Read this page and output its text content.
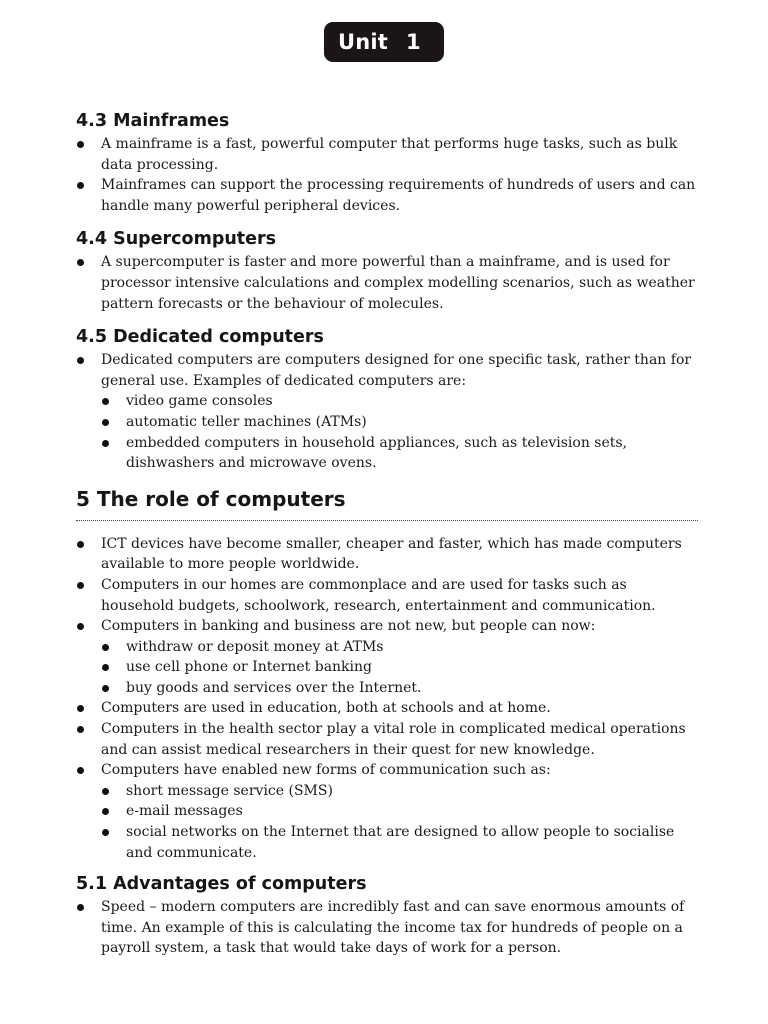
Unit 1
4.3 Mainframes
A mainframe is a fast, powerful computer that performs huge tasks, such as bulk data processing.
Mainframes can support the processing requirements of hundreds of users and can handle many powerful peripheral devices.
4.4 Supercomputers
A supercomputer is faster and more powerful than a mainframe, and is used for processor intensive calculations and complex modelling scenarios, such as weather pattern forecasts or the behaviour of molecules.
4.5 Dedicated computers
Dedicated computers are computers designed for one specific task, rather than for general use. Examples of dedicated computers are:
video game consoles
automatic teller machines (ATMs)
embedded computers in household appliances, such as television sets, dishwashers and microwave ovens.
5 The role of computers
ICT devices have become smaller, cheaper and faster, which has made computers available to more people worldwide.
Computers in our homes are commonplace and are used for tasks such as household budgets, schoolwork, research, entertainment and communication.
Computers in banking and business are not new, but people can now:
withdraw or deposit money at ATMs
use cell phone or Internet banking
buy goods and services over the Internet.
Computers are used in education, both at schools and at home.
Computers in the health sector play a vital role in complicated medical operations and can assist medical researchers in their quest for new knowledge.
Computers have enabled new forms of communication such as:
short message service (SMS)
e-mail messages
social networks on the Internet that are designed to allow people to socialise and communicate.
5.1 Advantages of computers
Speed – modern computers are incredibly fast and can save enormous amounts of time. An example of this is calculating the income tax for hundreds of people on a payroll system, a task that would take days of work for a person.
